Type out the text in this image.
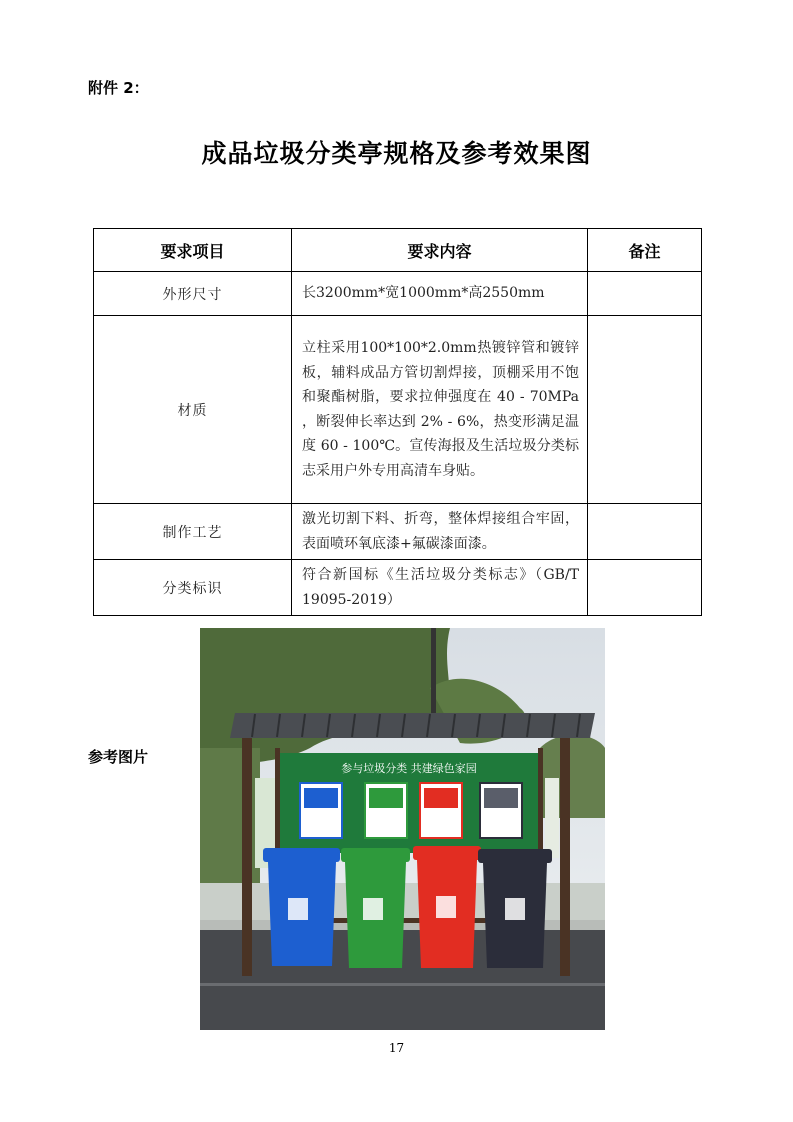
附件 2：
成品垃圾分类亭规格及参考效果图
要求项目	要求内容	备注
外形尺寸	长3200mm*宽1000mm*高2550mm	
材质	立柱采用100*100*2.0mm热镀锌管和镀锌板，辅料成品方管切割焊接，顶棚采用不饱和聚酯树脂，要求拉伸强度在 40 - 70MPa ，断裂伸长率达到 2% - 6%，热变形满足温度 60 - 100℃。宣传海报及生活垃圾分类标志采用户外专用高清车身贴。	
制作工艺	激光切割下料、折弯，整体焊接组合牢固，表面喷环氧底漆+氟碳漆面漆。	
分类标识	符合新国标《生活垃圾分类标志》（GB/T 19095-2019）	
参考图片
参与垃圾分类 共建绿色家园
17
